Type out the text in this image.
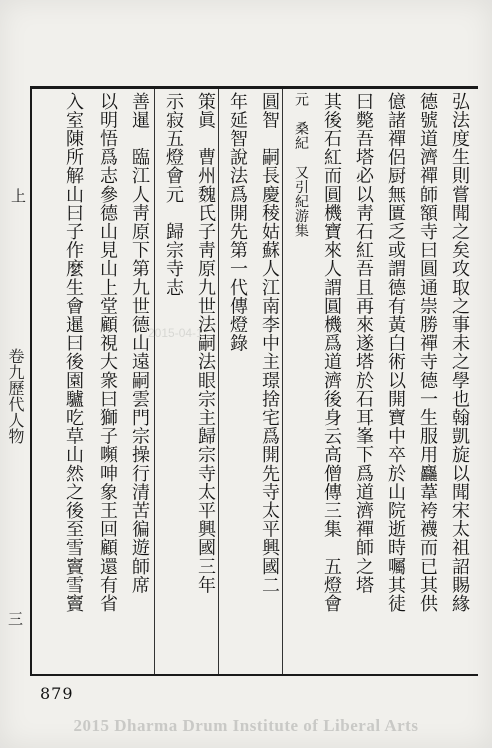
上
卷九歷代人物
三
弘法度生則嘗聞之矣攻取之事未之學也翰凱旋以聞宋太祖詔賜緣
德號道濟禪師額寺曰圓通崇勝禪寺德一生服用麤葦袴襪而已其供
億諸禪侶厨無匱乏或謂德有黃白術以開寶中卒於山院逝時囑其徒
曰斃吾塔必以靑石紅吾且再來遂塔於石耳峯下爲道濟禪師之塔
其後石紅而圓機寶來人謂圓機爲道濟後身云高僧傳三集　五燈會
元　桑紀　又引紀游集
圓智　嗣長慶稜姑蘇人江南李中主璟捨宅爲開先寺太平興國二
年延智說法爲開先第一代傳燈錄
策眞　曹州魏氏子靑原九世法嗣法眼宗主歸宗寺太平興國三年
示寂五燈會元　歸宗寺志
善暹　臨江人靑原下第九世德山遠嗣雲門宗操行清苦徧遊師席
以明悟爲志參德山見山上堂顧視大衆曰獅子嚬呻象王回顧還有省
入室陳所解山曰子作麼生會暹曰後園驢吃草山然之後至雪竇雪竇	2015-04-1
879
2015 Dharma Drum Institute of Liberal Arts
